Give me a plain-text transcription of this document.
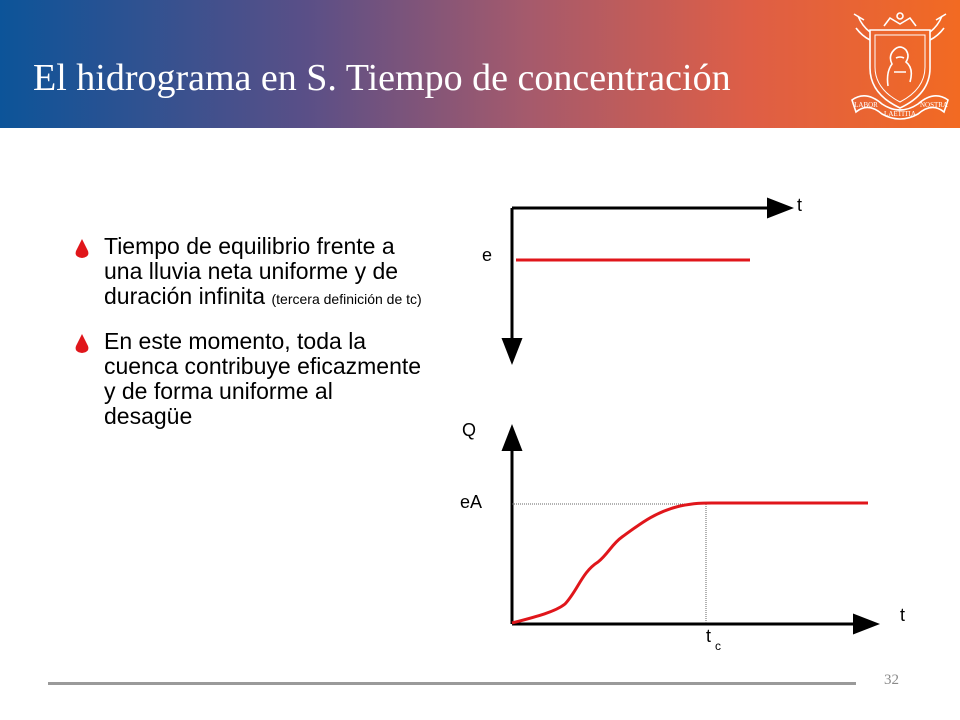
El hidrograma en S. Tiempo de concentración
LABOR
LAETITIA
NOSTRA
Tiempo de equilibrio frente a una lluvia neta uniforme y de duración infinita (tercera definición de tc)
En este momento, toda la cuenca contribuye eficazmente y de forma uniforme al desagüe
t
e
Q
eA
t
t c
32
